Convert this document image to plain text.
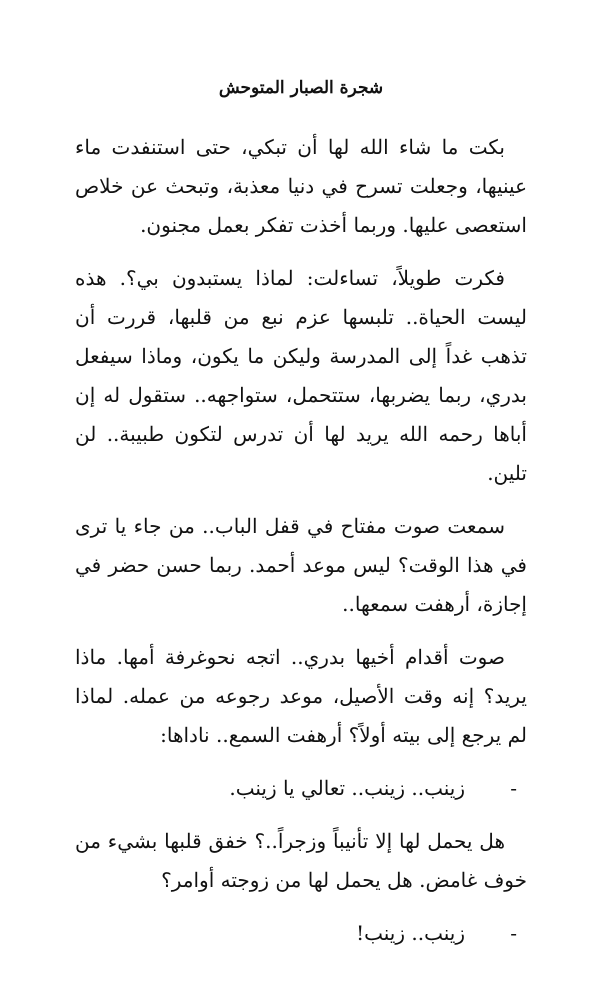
شجرة الصبار المتوحش

بكت ما شاء الله لها أن تبكي، حتى استنفدت ماء عينيها، وجعلت تسرح في دنيا معذبة، وتبحث عن خلاص استعصى عليها. وربما أخذت تفكر بعمل مجنون.

فكرت طويلاً، تساءلت: لماذا يستبدون بي؟. هذه ليست الحياة.. تلبسها عزم نبع من قلبها، قررت أن تذهب غداً إلى المدرسة وليكن ما يكون، وماذا سيفعل بدري، ربما يضربها، ستتحمل، ستواجهه.. ستقول له إن أباها رحمه الله يريد لها أن تدرس لتكون طبيبة.. لن تلين.

سمعت صوت مفتاح في قفل الباب.. من جاء يا ترى في هذا الوقت؟ ليس موعد أحمد. ربما حسن حضر في إجازة، أرهفت سمعها..

صوت أقدام أخيها بدري.. اتجه نحوغرفة أمها. ماذا يريد؟ إنه وقت الأصيل، موعد رجوعه من عمله. لماذا لم يرجع إلى بيته أولاً؟ أرهفت السمع.. ناداها:

-زينب.. زينب.. تعالي يا زينب.

هل يحمل لها إلا تأنيباً وزجراً..؟ خفق قلبها بشيء من خوف غامض. هل يحمل لها من زوجته أوامر؟

-زينب.. زينب!
